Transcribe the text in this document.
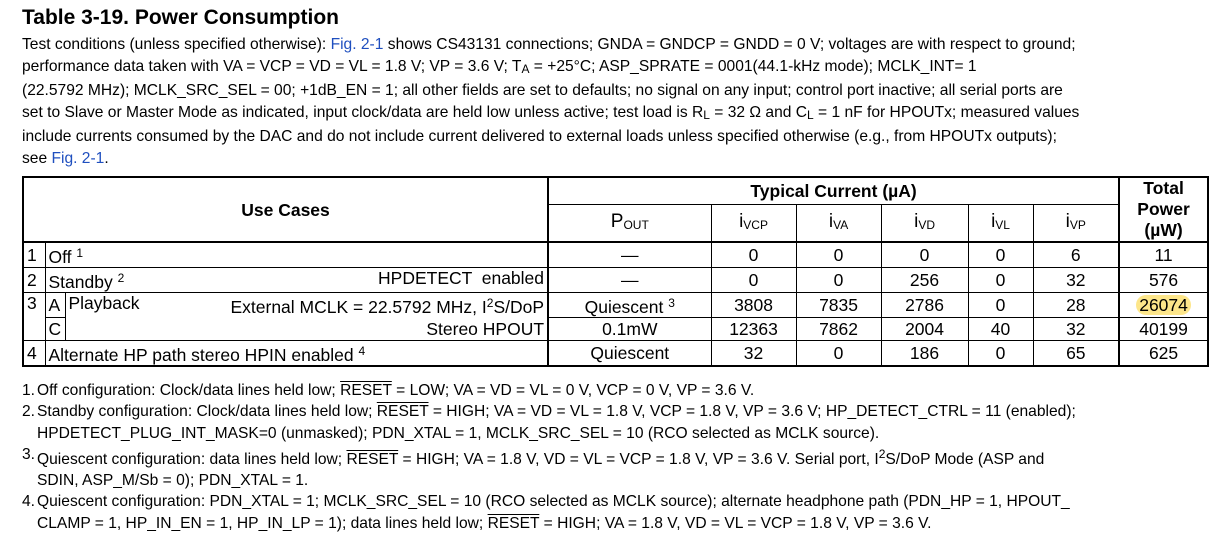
Table 3-19. Power Consumption
Test conditions (unless specified otherwise): Fig. 2-1 shows CS43131 connections; GNDA = GNDCP = GNDD = 0 V; voltages are with respect to ground;
performance data taken with VA = VCP = VD = VL = 1.8 V; VP = 3.6 V; TA = +25°C; ASP_SPRATE = 0001(44.1-kHz mode); MCLK_INT= 1
(22.5792 MHz); MCLK_SRC_SEL = 00; +1dB_EN = 1; all other fields are set to defaults; no signal on any input; control port inactive; all serial ports are
set to Slave or Master Mode as indicated, input clock/data are held low unless active; test load is RL = 32 Ω and CL = 1 nF for HPOUTx; measured values
include currents consumed by the DAC and do not include current delivered to external loads unless specified otherwise (e.g., from HPOUTx outputs);
see Fig. 2-1.
Use Cases			Typical Current (µA)						Total Power (µW)
			POUT	iVCP	iVA	iVD	iVL	iVP	
1	Off $^1$		—	0	0	0	0	6	11
2	Standby $^2$ HPDETECT  enabled		—	0	0	256	0	32	576
3	A	Playback External MCLK = 22.5792 MHz, $I^2S$/DoP	Quiescent $^3$	3808	7835	2786	0	28	26074
	C	Stereo HPOUT	0.1mW	12363	7862	2004	40	32	40199
4	Alternate HP path stereo HPIN enabled $^4$		Quiescent	32	0	186	0	65	625
1. Off configuration: Clock/data lines held low; RESET = LOW; VA = VD = VL = 0 V, VCP = 0 V, VP = 3.6 V.
2. Standby configuration: Clock/data lines held low; RESET = HIGH; VA = VD = VL = 1.8 V, VCP = 1.8 V, VP = 3.6 V; HP_DETECT_CTRL = 11 (enabled);
HPDETECT_PLUG_INT_MASK=0 (unmasked); PDN_XTAL = 1, MCLK_SRC_SEL = 10 (RCO selected as MCLK source).
3. Quiescent configuration: data lines held low; RESET = HIGH; VA = 1.8 V, VD = VL = VCP = 1.8 V, VP = 3.6 V. Serial port, $I^2S$/DoP Mode (ASP and
SDIN, ASP_M/Sb = 0); PDN_XTAL = 1.
4. Quiescent configuration: PDN_XTAL = 1; MCLK_SRC_SEL = 10 (RCO selected as MCLK source); alternate headphone path (PDN_HP = 1, HPOUT_
CLAMP = 1, HP_IN_EN = 1, HP_IN_LP = 1); data lines held low; RESET = HIGH; VA = 1.8 V, VD = VL = VCP = 1.8 V, VP = 3.6 V.
